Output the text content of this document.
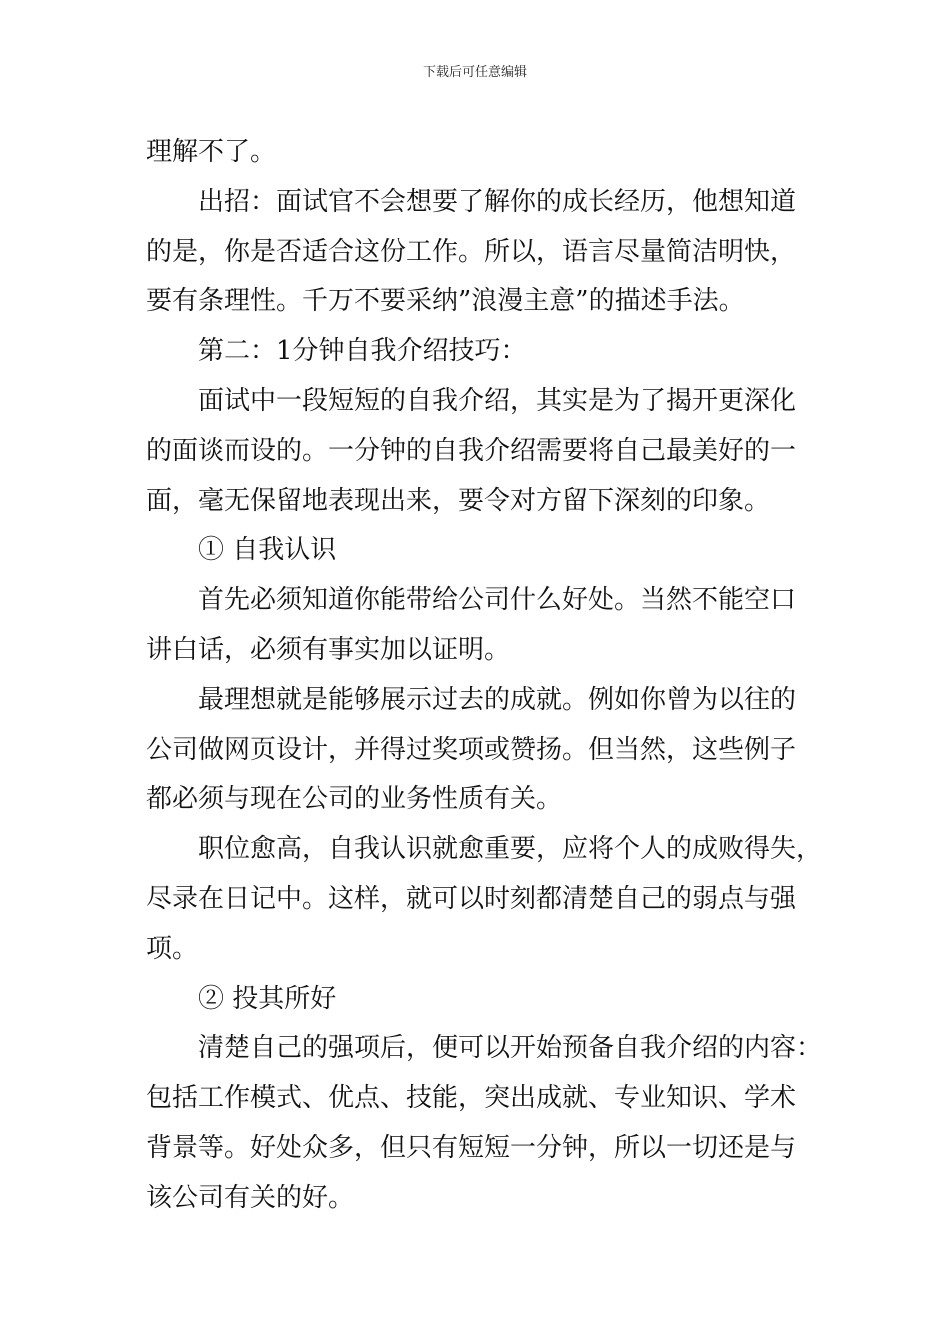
下载后可任意编辑
理解不了。
出招：面试官不会想要了解你的成长经历，他想知道
的是，你是否适合这份工作。所以，语言尽量简洁明快，
要有条理性。千万不要采纳”浪漫主意”的描述手法。
第二：1分钟自我介绍技巧：
面试中一段短短的自我介绍，其实是为了揭开更深化
的面谈而设的。一分钟的自我介绍需要将自己最美好的一
面，毫无保留地表现出来，要令对方留下深刻的印象。
① 自我认识
首先必须知道你能带给公司什么好处。当然不能空口
讲白话，必须有事实加以证明。
最理想就是能够展示过去的成就。例如你曾为以往的
公司做网页设计，并得过奖项或赞扬。但当然，这些例子
都必须与现在公司的业务性质有关。
职位愈高，自我认识就愈重要，应将个人的成败得失，
尽录在日记中。这样，就可以时刻都清楚自己的弱点与强
项。
② 投其所好
清楚自己的强项后，便可以开始预备自我介绍的内容：
包括工作模式、优点、技能，突出成就、专业知识、学术
背景等。好处众多，但只有短短一分钟，所以一切还是与
该公司有关的好。
